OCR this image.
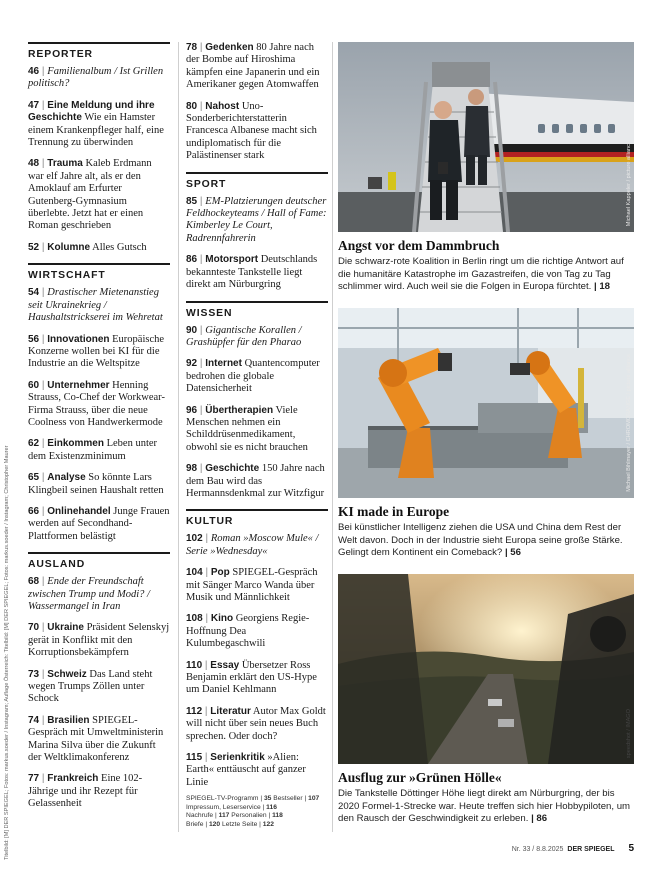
Titelbild: [M] DER SPIEGEL; Fotos: markus.soeder / Instagram; Auflage Österreich: Titelbild: [M] DER SPIEGEL; Fotos: markus.soeder / Instagram; Christopher Maurer
REPORTER
46 | Familienalbum / Ist Grillen politisch?
47 | Eine Meldung und ihre Geschichte Wie ein Hamster einem Krankenpfleger half, eine Trennung zu überwinden
48 | Trauma Kaleb Erdmann war elf Jahre alt, als er den Amoklauf am Erfurter Gutenberg-Gymnasium überlebte. Jetzt hat er einen Roman geschrieben
52 | Kolumne Alles Gutsch
WIRTSCHAFT
54 | Drastischer Mietenanstieg seit Ukrainekrieg / Haushaltstrickserei im Wehretat
56 | Innovationen Europäische Konzerne wollen bei KI für die Industrie an die Weltspitze
60 | Unternehmer Henning Strauss, Co-Chef der Workwear-Firma Strauss, über die neue Coolness von Handwerkermode
62 | Einkommen Leben unter dem Existenzminimum
65 | Analyse So könnte Lars Klingbeil seinen Haushalt retten
66 | Onlinehandel Junge Frauen werden auf Secondhand-Plattformen belästigt
AUSLAND
68 | Ende der Freundschaft zwischen Trump und Modi? / Wassermangel in Iran
70 | Ukraine Präsident Selenskyj gerät in Konflikt mit den Korruptionsbekämpfern
73 | Schweiz Das Land steht wegen Trumps Zöllen unter Schock
74 | Brasilien SPIEGEL-Gespräch mit Umweltministerin Marina Silva über die Zukunft der Weltklimakonferenz
77 | Frankreich Eine 102-Jährige und ihr Rezept für Gelassenheit
78 | Gedenken 80 Jahre nach der Bombe auf Hiroshima kämpfen eine Japanerin und ein Amerikaner gegen Atomwaffen
80 | Nahost Uno-Sonderberichterstatterin Francesca Albanese macht sich undiplomatisch für die Palästinenser stark
SPORT
85 | EM-Platzierungen deutscher Feldhockeyteams / Hall of Fame: Kimberley Le Court, Radrennfahrerin
86 | Motorsport Deutschlands bekannteste Tankstelle liegt direkt am Nürburgring
WISSEN
90 | Gigantische Korallen / Grashüpfer für den Pharao
92 | Internet Quantencomputer bedrohen die globale Datensicherheit
96 | Übertherapien Viele Menschen nehmen ein Schilddrüsenmedikament, obwohl sie es nicht brauchen
98 | Geschichte 150 Jahre nach dem Bau wird das Hermannsdenkmal zur Witzfigur
KULTUR
102 | Roman »Moscow Mule« / Serie »Wednesday«
104 | Pop SPIEGEL-Gespräch mit Sänger Marco Wanda über Musik und Männlichkeit
108 | Kino Georgiens Regie-Hoffnung Dea Kulumbegaschwili
110 | Essay Übersetzer Ross Benjamin erklärt den US-Hype um Daniel Kehlmann
112 | Literatur Autor Max Goldt will nicht über sein neues Buch sprechen. Oder doch?
115 | Serienkritik »Alien: Earth« enttäuscht auf ganzer Linie
SPIEGEL-TV-Programm | 35 Bestseller | 107
Impressum, Leserservice | 116
Nachrufe | 117 Personalien | 118
Briefe | 120 Letzte Seite | 122
Michael Kappeler / picture alliance
Angst vor dem Dammbruch
Die schwarz-rote Koalition in Berlin ringt um die richtige Antwort auf die humanitäre Katastrophe im Gazastreifen, die von Tag zu Tag schlimmer wird. Auch weil sie die Folgen in Europa fürchtet. | 18
Michael Bihlmayer / CHROMORANGE / picture alliance
KI made in Europe
Bei künstlicher Intelligenz ziehen die USA und China dem Rest der Welt davon. Doch in der Industrie sieht Europa seine große Stärke. Gelingt dem Kontinent ein Comeback? | 56
speedshot / IMAGO
Ausflug zur »Grünen Hölle«
Die Tankstelle Döttinger Höhe liegt direkt am Nürburgring, der bis 2020 Formel-1-Strecke war. Heute treffen sich hier Hobbypiloten, um den Rausch der Geschwindigkeit zu erleben. | 86
Nr. 33 / 8.8.2025 DER SPIEGEL 5
